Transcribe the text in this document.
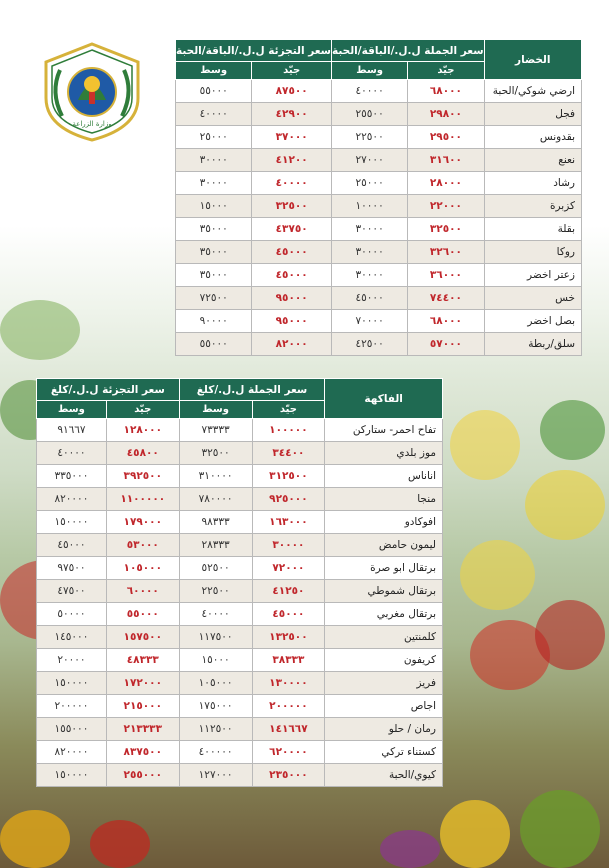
وزارة الزراعة
الخضار	سعر الجملة ل.ل./الباقة/الحبة		سعر التجزئة ل.ل./الباقة/الحبة	
	جيّد	وسط	جيّد	وسط
ارضي شوكي/الحبة	٦٨٠٠٠	٤٠٠٠٠	٨٧٥٠٠	٥٥٠٠٠
فجل	٢٩٨٠٠	٢٥٥٠٠	٤٢٩٠٠	٤٠٠٠٠
بقدونس	٢٩٥٠٠	٢٢٥٠٠	٣٧٠٠٠	٢٥٠٠٠
نعنع	٣١٦٠٠	٢٧٠٠٠	٤١٢٠٠	٣٠٠٠٠
رشاد	٢٨٠٠٠	٢٥٠٠٠	٤٠٠٠٠	٣٠٠٠٠
كزبرة	٢٢٠٠٠	١٠٠٠٠	٣٢٥٠٠	١٥٠٠٠
بقلة	٣٢٥٠٠	٣٠٠٠٠	٤٣٧٥٠	٣٥٠٠٠
روكا	٣٢٦٠٠	٣٠٠٠٠	٤٥٠٠٠	٣٥٠٠٠
زعتر اخضر	٣٦٠٠٠	٣٠٠٠٠	٤٥٠٠٠	٣٥٠٠٠
خس	٧٤٤٠٠	٤٥٠٠٠	٩٥٠٠٠	٧٢٥٠٠
بصل اخضر	٦٨٠٠٠	٧٠٠٠٠	٩٥٠٠٠	٩٠٠٠٠
سلق/ربطة	٥٧٠٠٠	٤٢٥٠٠	٨٢٠٠٠	٥٥٠٠٠
الفاكهة	سعر الجملة ل.ل./كلغ		سعر التجزئة ل.ل./كلغ	
	جيّد	وسط	جيّد	وسط
تفاح احمر- ستاركن	١٠٠٠٠٠	٧٣٣٣٣	١٢٨٠٠٠	٩١٦٦٧
موز بلدي	٣٤٤٠٠	٣٢٥٠٠	٤٥٨٠٠	٤٠٠٠٠
اناناس	٣١٢٥٠٠	٣١٠٠٠٠	٣٩٢٥٠٠	٣٣٥٠٠٠
منجا	٩٢٥٠٠٠	٧٨٠٠٠٠	١١٠٠٠٠٠	٨٢٠٠٠٠
افوكادو	١٦٣٠٠٠	٩٨٣٣٣	١٧٩٠٠٠	١٥٠٠٠٠
ليمون حامض	٣٠٠٠٠	٢٨٣٣٣	٥٣٠٠٠	٤٥٠٠٠
برتقال ابو صرة	٧٢٠٠٠	٥٢٥٠٠	١٠٥٠٠٠	٩٧٥٠٠
برتقال شموطي	٤١٢٥٠	٢٢٥٠٠	٦٠٠٠٠	٤٧٥٠٠
برتقال مغربي	٤٥٠٠٠	٤٠٠٠٠	٥٥٠٠٠	٥٠٠٠٠
كلمنتين	١٣٢٥٠٠	١١٧٥٠٠	١٥٧٥٠٠	١٤٥٠٠٠
كريفون	٣٨٣٣٣	١٥٠٠٠	٤٨٣٣٣	٢٠٠٠٠
فريز	١٣٠٠٠٠	١٠٥٠٠٠	١٧٢٠٠٠	١٥٠٠٠٠
اجاص	٢٠٠٠٠٠	١٧٥٠٠٠	٢١٥٠٠٠	٢٠٠٠٠٠
رمان / حلو	١٤١٦٦٧	١١٢٥٠٠	٢١٣٣٣٣	١٥٥٠٠٠
كستناء تركي	٦٢٠٠٠٠	٤٠٠٠٠٠	٨٣٧٥٠٠	٨٢٠٠٠٠
كيوي/الحبة	٢٣٥٠٠٠	١٢٧٠٠٠	٢٥٥٠٠٠	١٥٠٠٠٠
